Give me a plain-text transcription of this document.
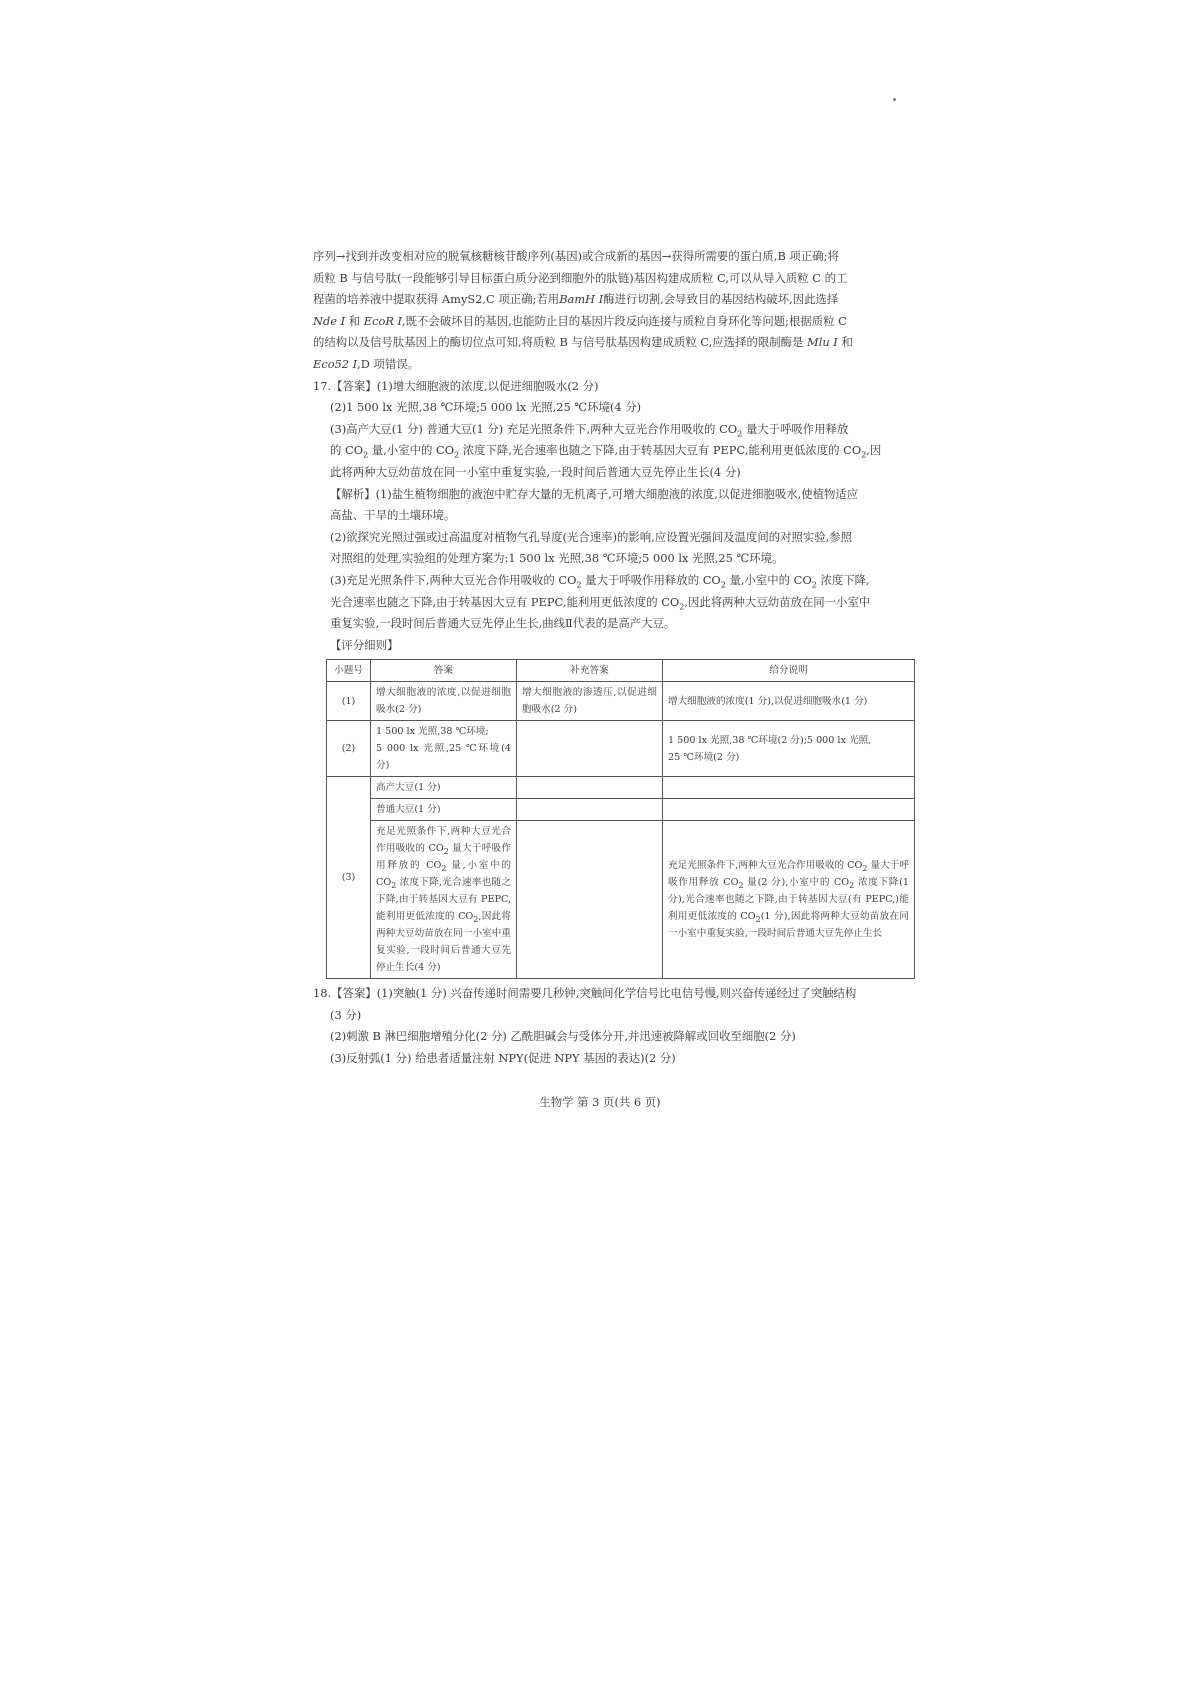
序列→找到并改变相对应的脱氧核糖核苷酸序列(基因)或合成新的基因→获得所需要的蛋白质,B 项正确;将

质粒 B 与信号肽(一段能够引导目标蛋白质分泌到细胞外的肽链)基因构建成质粒 C,可以从导入质粒 C 的工

程菌的培养液中提取获得 AmyS2,C 项正确;若用BamH Ⅰ酶进行切割,会导致目的基因结构破坏,因此选择

Nde Ⅰ 和 EcoR Ⅰ,既不会破坏目的基因,也能防止目的基因片段反向连接与质粒自身环化等问题;根据质粒 C

的结构以及信号肽基因上的酶切位点可知,将质粒 B 与信号肽基因构建成质粒 C,应选择的限制酶是 Mlu Ⅰ 和

Eco52 Ⅰ,D 项错误。

17.【答案】(1)增大细胞液的浓度,以促进细胞吸水(2 分)

(2)1 500 lx 光照,38 ℃环境;5 000 lx 光照,25 ℃环境(4 分)

(3)高产大豆(1 分) 普通大豆(1 分) 充足光照条件下,两种大豆光合作用吸收的 $CO_2$ 量大于呼吸作用释放

的 $CO_2$ 量,小室中的 $CO_2$ 浓度下降,光合速率也随之下降,由于转基因大豆有 PEPC,能利用更低浓度的 $CO_2$,因

此将两种大豆幼苗放在同一小室中重复实验,一段时间后普通大豆先停止生长(4 分)

【解析】(1)盐生植物细胞的液泡中贮存大量的无机离子,可增大细胞液的浓度,以促进细胞吸水,使植物适应

高盐、干旱的土壤环境。

(2)欲探究光照过强或过高温度对植物气孔导度(光合速率)的影响,应设置光强间及温度间的对照实验,参照

对照组的处理,实验组的处理方案为:1 500 lx 光照,38 ℃环境;5 000 lx 光照,25 ℃环境。

(3)充足光照条件下,两种大豆光合作用吸收的 $CO_2$ 量大于呼吸作用释放的 $CO_2$ 量,小室中的 $CO_2$ 浓度下降,

光合速率也随之下降,由于转基因大豆有 PEPC,能利用更低浓度的 $CO_2$,因此将两种大豆幼苗放在同一小室中

重复实验,一段时间后普通大豆先停止生长,曲线Ⅱ代表的是高产大豆。

【评分细则】

小题号	答案	补充答案	给分说明
(1)	增大细胞液的浓度,以促进细胞吸水(2 分)	增大细胞液的渗透压,以促进细胞吸水(2 分)	增大细胞液的浓度(1 分),以促进细胞吸水(1 分)
(2)	1 500 lx 光照,38 ℃环境;
5 000 lx 光照,25 ℃环境(4 分)		1 500 lx 光照,38 ℃环境(2 分);5 000 lx 光照,
25 ℃环境(2 分)
(3)	高产大豆(1 分)		
	普通大豆(1 分)		
	充足光照条件下,两种大豆光合作用吸收的 $CO_2$ 量大于呼吸作用释放的 $CO_2$ 量,小室中的 $CO_2$ 浓度下降,光合速率也随之下降,由于转基因大豆有 PEPC,能利用更低浓度的 $CO_2$,因此将两种大豆幼苗放在同一小室中重复实验,一段时间后普通大豆先停止生长(4 分)		充足光照条件下,两种大豆光合作用吸收的 $CO_2$ 量大于呼吸作用释放 $CO_2$ 量(2 分),小室中的 $CO_2$ 浓度下降(1 分),光合速率也随之下降,由于转基因大豆(有 PEPC,)能利用更低浓度的 $CO_2(1$ 分),因此将两种大豆幼苗放在同一小室中重复实验,一段时间后普通大豆先停止生长

18.【答案】(1)突触(1 分) 兴奋传递时间需要几秒钟,突触间化学信号比电信号慢,则兴奋传递经过了突触结构

(3 分)

(2)刺激 B 淋巴细胞增殖分化(2 分) 乙酰胆碱会与受体分开,并迅速被降解或回收至细胞(2 分)

(3)反射弧(1 分) 给患者适量注射 NPY(促进 NPY 基因的表达)(2 分)

生物学 第 3 页(共 6 页)
